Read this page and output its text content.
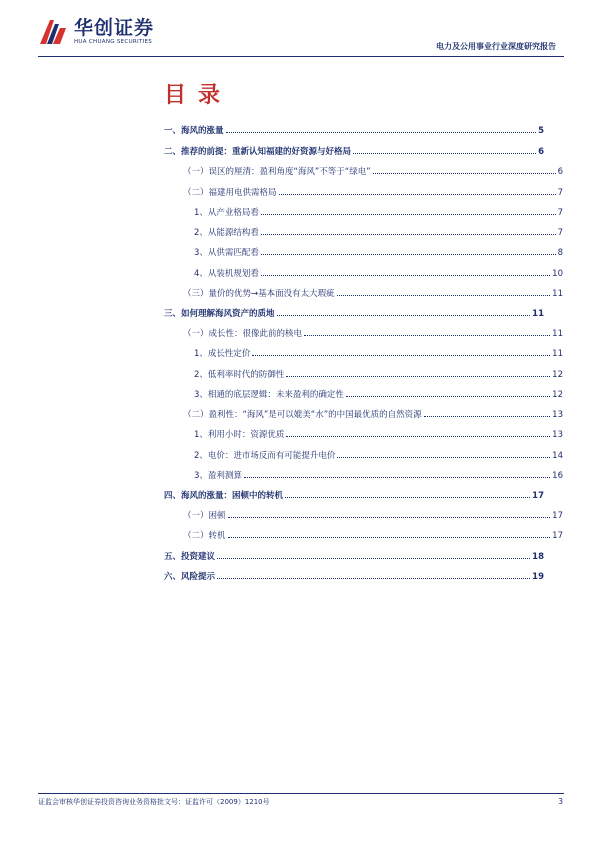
华创证券
HUA CHUANG SECURITIES
电力及公用事业行业深度研究报告
目录
一、海风的涨量	5
二、推荐的前提：重新认知福建的好资源与好格局	6
（一）误区的厘清：盈利角度“海风”不等于“绿电”	6
（二）福建用电供需格局	7
1、从产业格局看	7
2、从能源结构看	7
3、从供需匹配看	8
4、从装机规划看	10
（三）量价的优势→基本面没有太大瑕疵	11
三、如何理解海风资产的质地	11
（一）成长性：很像此前的核电	11
1、成长性定价	11
2、低利率时代的防御性	12
3、相通的底层逻辑：未来盈利的确定性	12
（二）盈利性：“海风”是可以媲美“水”的中国最优质的自然资源	13
1、利用小时：资源优质	13
2、电价：进市场反而有可能提升电价	14
3、盈利测算	16
四、海风的涨量：困顿中的转机	17
（一）困顿	17
（二）转机	17
五、投资建议	18
六、风险提示	19
证监会审核华创证券投资咨询业务资格批文号：证监许可（2009）1210号	3
